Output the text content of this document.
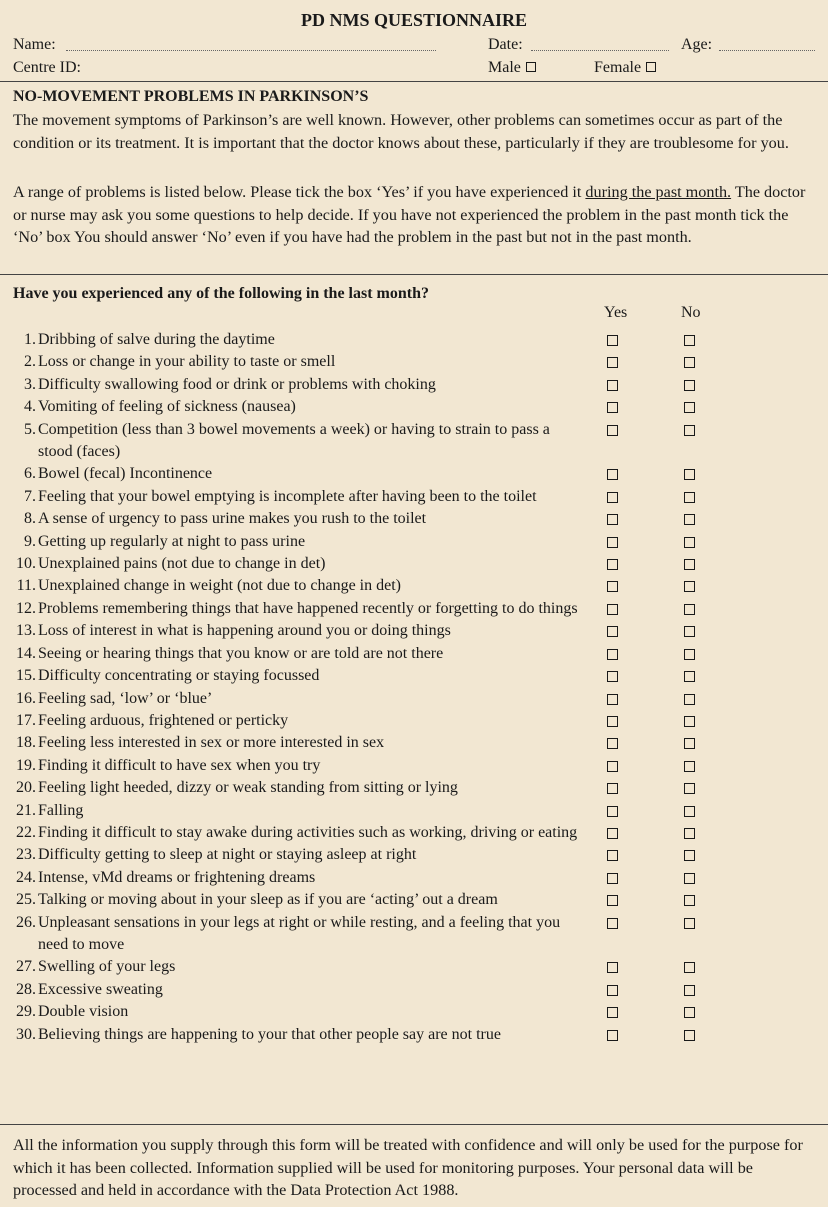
PD NMS QUESTIONNAIRE
Name:	Date:	Age:
Centre ID:	Male	Female
NO-MOVEMENT PROBLEMS IN PARKINSON’S
The movement symptoms of Parkinson’s are well known. However, other problems can sometimes occur as part of the condition or its treatment. It is important that the doctor knows about these, particularly if they are troublesome for you.
A range of problems is listed below. Please tick the box ‘Yes’ if you have experienced it during the past month. The doctor or nurse may ask you some questions to help decide. If you have not experienced the problem in the past month tick the ‘No’ box You should answer ‘No’ even if you have had the problem in the past but not in the past month.
Have you experienced any of the following in the last month?
Yes	No
1. Dribbing of salve during the daytime
2. Loss or change in your ability to taste or smell
3. Difficulty swallowing food or drink or problems with choking
4. Vomiting of feeling of sickness (nausea)
5. Competition (less than 3 bowel movements a week) or having to strain to pass a stood (faces)
6. Bowel (fecal) Incontinence
7. Feeling that your bowel emptying is incomplete after having been to the toilet
8. A sense of urgency to pass urine makes you rush to the toilet
9. Getting up regularly at night to pass urine
10. Unexplained pains (not due to change in det)
11. Unexplained change in weight (not due to change in det)
12. Problems remembering things that have happened recently or forgetting to do things
13. Loss of interest in what is happening around you or doing things
14. Seeing or hearing things that you know or are told are not there
15. Difficulty concentrating or staying focussed
16. Feeling sad, ‘low’ or ‘blue’
17. Feeling arduous, frightened or perticky
18. Feeling less interested in sex or more interested in sex
19. Finding it difficult to have sex when you try
20. Feeling light heeded, dizzy or weak standing from sitting or lying
21. Falling
22. Finding it difficult to stay awake during activities such as working, driving or eating
23. Difficulty getting to sleep at night or staying asleep at right
24. Intense, vMd dreams or frightening dreams
25. Talking or moving about in your sleep as if you are ‘acting’ out a dream
26. Unpleasant sensations in your legs at right or while resting, and a feeling that you need to move
27. Swelling of your legs
28. Excessive sweating
29. Double vision
30. Believing things are happening to your that other people say are not true
All the information you supply through this form will be treated with confidence and will only be used for the purpose for which it has been collected. Information supplied will be used for monitoring purposes. Your personal data will be processed and held in accordance with the Data Protection Act 1988.
